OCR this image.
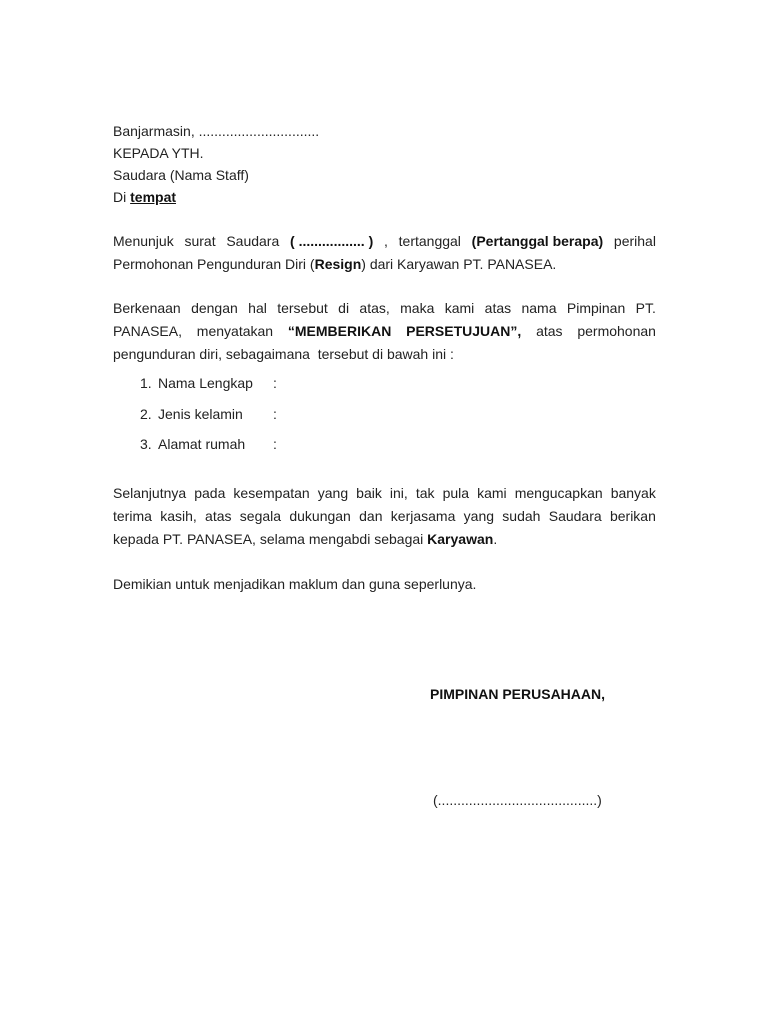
Banjarmasin, ...............................
KEPADA YTH.
Saudara (Nama Staff)
Di tempat
Menunjuk surat Saudara ( ................. ) , tertanggal (Pertanggal berapa) perihal
Permohonan Pengunduran Diri (Resign) dari Karyawan PT. PANASEA.
Berkenaan dengan hal tersebut di atas, maka kami atas nama Pimpinan PT.
PANASEA, menyatakan “MEMBERIKAN PERSETUJUAN”, atas permohonan
pengunduran diri, sebagaimana  tersebut di bawah ini :
1. Nama Lengkap :
2. Jenis kelamin :
3. Alamat rumah :
Selanjutnya pada kesempatan yang baik ini, tak pula kami mengucapkan banyak
terima kasih, atas segala dukungan dan kerjasama yang sudah Saudara berikan
kepada PT. PANASEA, selama mengabdi sebagai Karyawan.
Demikian untuk menjadikan maklum dan guna seperlunya.
PIMPINAN PERUSAHAAN,
(.........................................)
